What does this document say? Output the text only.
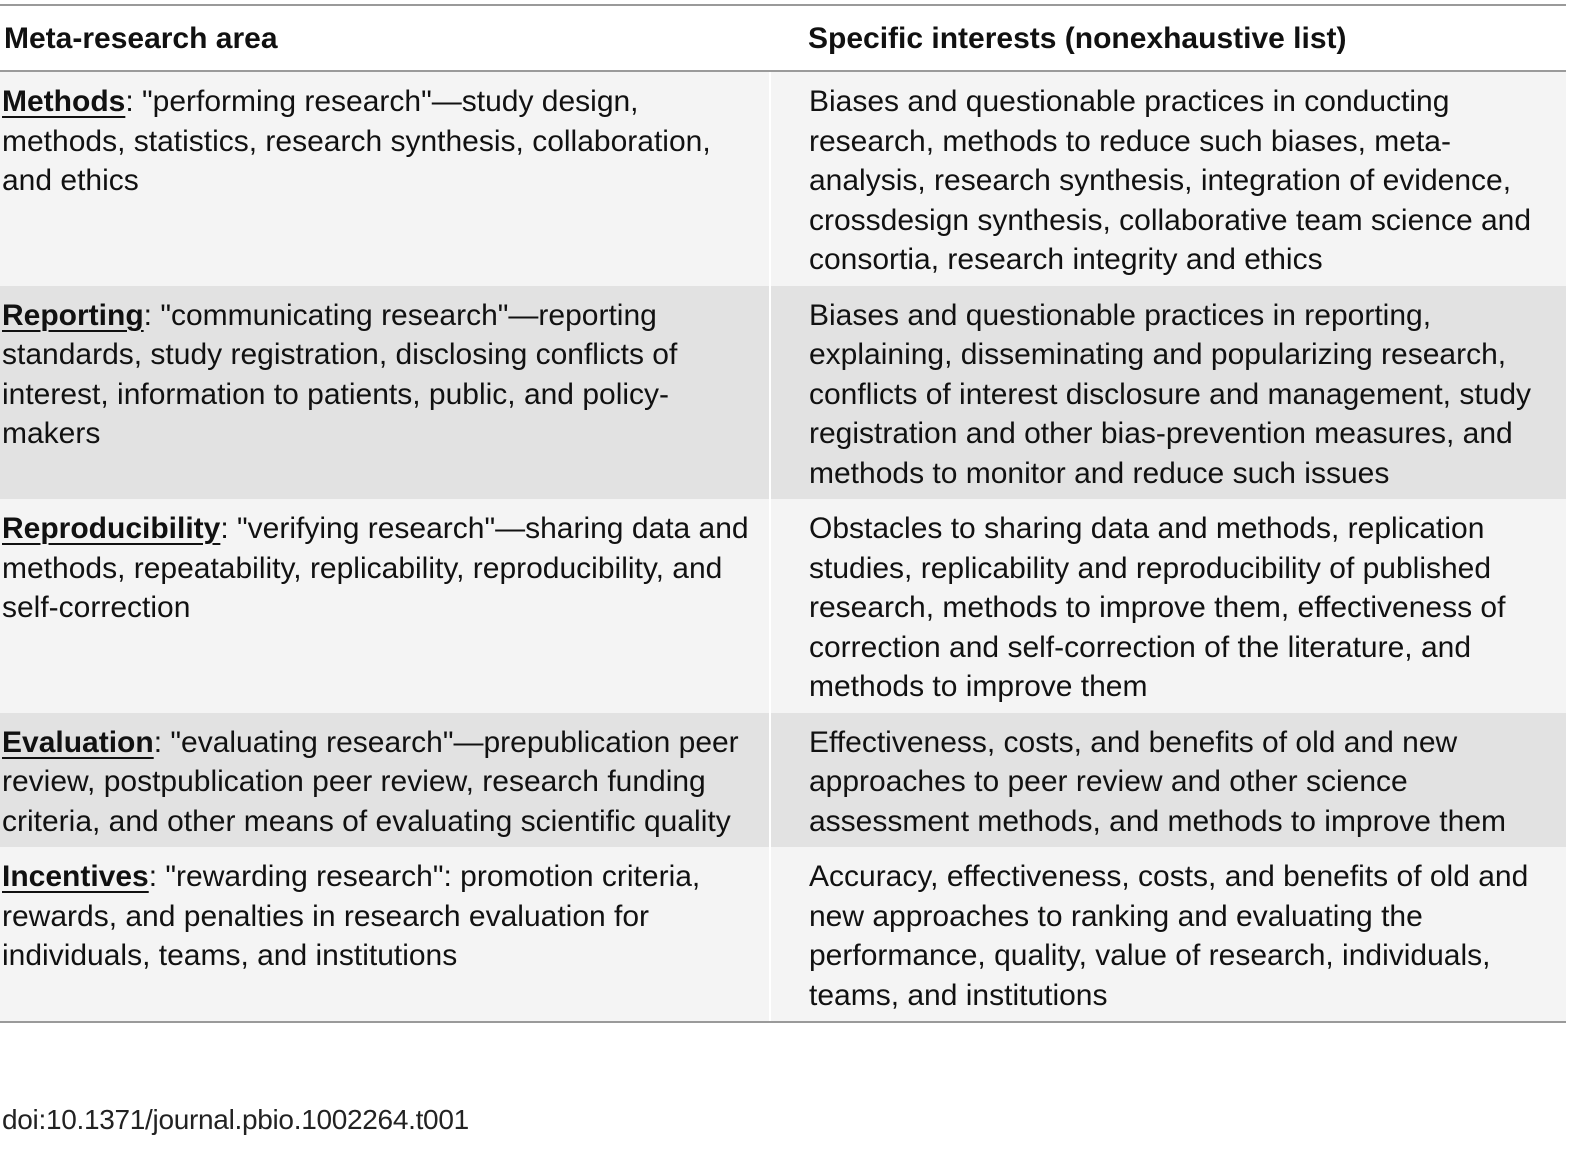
Meta-research area	Specific interests (nonexhaustive list)
Methods: "performing research"—study design, methods, statistics, research synthesis, collaboration, and ethics	Biases and questionable practices in conducting research, methods to reduce such biases, meta-analysis, research synthesis, integration of evidence, crossdesign synthesis, collaborative team science and consortia, research integrity and ethics
Reporting: "communicating research"—reporting standards, study registration, disclosing conflicts of interest, information to patients, public, and policy-makers	Biases and questionable practices in reporting, explaining, disseminating and popularizing research, conflicts of interest disclosure and management, study registration and other bias-prevention measures, and methods to monitor and reduce such issues
Reproducibility: "verifying research"—sharing data and methods, repeatability, replicability, reproducibility, and self-correction	Obstacles to sharing data and methods, replication studies, replicability and reproducibility of published research, methods to improve them, effectiveness of correction and self-correction of the literature, and methods to improve them
Evaluation: "evaluating research"—prepublication peer review, postpublication peer review, research funding criteria, and other means of evaluating scientific quality	Effectiveness, costs, and benefits of old and new approaches to peer review and other science assessment methods, and methods to improve them
Incentives: "rewarding research": promotion criteria, rewards, and penalties in research evaluation for individuals, teams, and institutions	Accuracy, effectiveness, costs, and benefits of old and new approaches to ranking and evaluating the performance, quality, value of research, individuals, teams, and institutions
doi:10.1371/journal.pbio.1002264.t001
